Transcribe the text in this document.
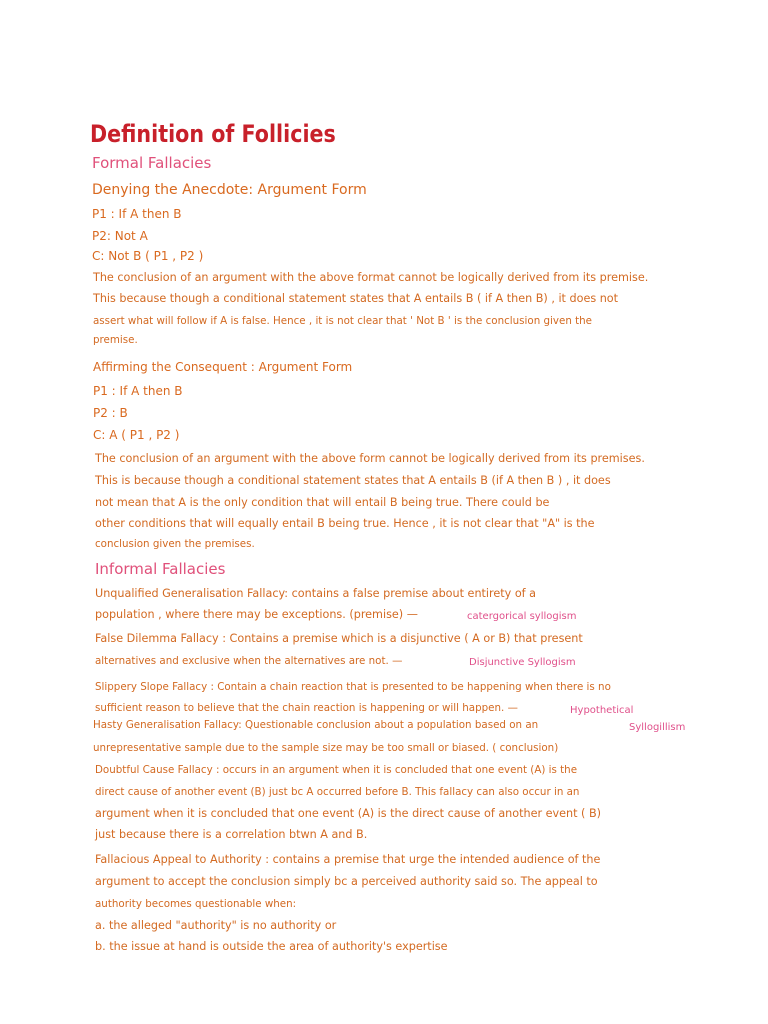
Definition of Follicies
Formal Fallacies
Denying the Anecdote: Argument Form
P1 : If A then B
P2: Not A
C: Not B ( P1 , P2 )
The conclusion of an argument with the above format cannot be logically derived from its premise.
This because though a conditional statement states that A entails B ( if A then B) , it does not
assert what will follow if A is false. Hence , it is not clear that ' Not B ' is the conclusion given the
premise.
Affirming the Consequent : Argument Form
P1 : If A then B
P2 : B
C: A ( P1 , P2 )
The conclusion of an argument with the above form cannot be logically derived from its premises.
This is because though a conditional statement states that A entails B (if A then B ) , it does
not mean that A is the only condition that will entail B being true. There could be
other conditions that will equally entail B being true. Hence , it is not clear that "A" is the
conclusion given the premises.
Informal Fallacies
Unqualified Generalisation Fallacy: contains a false premise about entirety of a
population , where there may be exceptions. (premise) —	catergorical syllogism
False Dilemma Fallacy : Contains a premise which is a disjunctive ( A or B) that present
alternatives and exclusive when the alternatives are not. —	Disjunctive Syllogism
Slippery Slope Fallacy : Contain a chain reaction that is presented to be happening when there is no
sufficient reason to believe that the chain reaction is happening or will happen. —	Hypothetical
Syllogillism
Hasty Generalisation Fallacy: Questionable conclusion about a population based on an
unrepresentative sample due to the sample size may be too small or biased. ( conclusion)
Doubtful Cause Fallacy : occurs in an argument when it is concluded that one event (A) is the
direct cause of another event (B) just bc A occurred before B. This fallacy can also occur in an
argument when it is concluded that one event (A) is the direct cause of another event ( B)
just because there is a correlation btwn A and B.
Fallacious Appeal to Authority : contains a premise that urge the intended audience of the
argument to accept the conclusion simply bc a perceived authority said so. The appeal to
authority becomes questionable when:
a. the alleged "authority" is no authority or
b. the issue at hand is outside the area of authority's expertise
